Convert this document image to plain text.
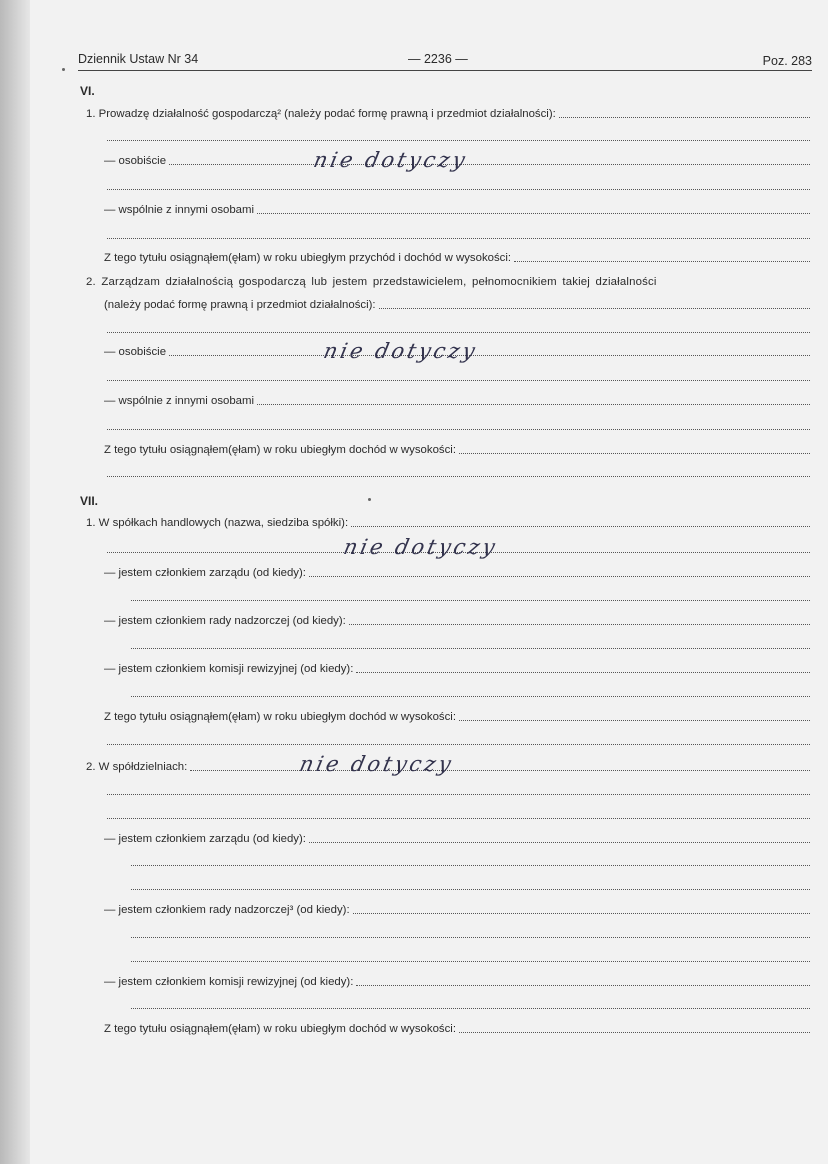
Dziennik Ustaw Nr 34	— 2236 —	Poz. 283
VI.
1. Prowadzę działalność gospodarczą² (należy podać formę prawną i przedmiot działalności):
— osobiście	nie dotyczy
— wspólnie z innymi osobami
Z tego tytułu osiągnąłem(ęłam) w roku ubiegłym przychód i dochód w wysokości:
2. Zarządzam działalnością gospodarczą lub jestem przedstawicielem, pełnomocnikiem takiej działalności
(należy podać formę prawną i przedmiot działalności):
— osobiście	nie dotyczy
— wspólnie z innymi osobami
Z tego tytułu osiągnąłem(ęłam) w roku ubiegłym dochód w wysokości:
VII.
1. W spółkach handlowych (nazwa, siedziba spółki):
nie dotyczy
— jestem członkiem zarządu (od kiedy):
— jestem członkiem rady nadzorczej (od kiedy):
— jestem członkiem komisji rewizyjnej (od kiedy):
Z tego tytułu osiągnąłem(ęłam) w roku ubiegłym dochód w wysokości:
2. W spółdzielniach:	nie dotyczy
— jestem członkiem zarządu (od kiedy):
— jestem członkiem rady nadzorczej³ (od kiedy):
— jestem członkiem komisji rewizyjnej (od kiedy):
Z tego tytułu osiągnąłem(ęłam) w roku ubiegłym dochód w wysokości:
